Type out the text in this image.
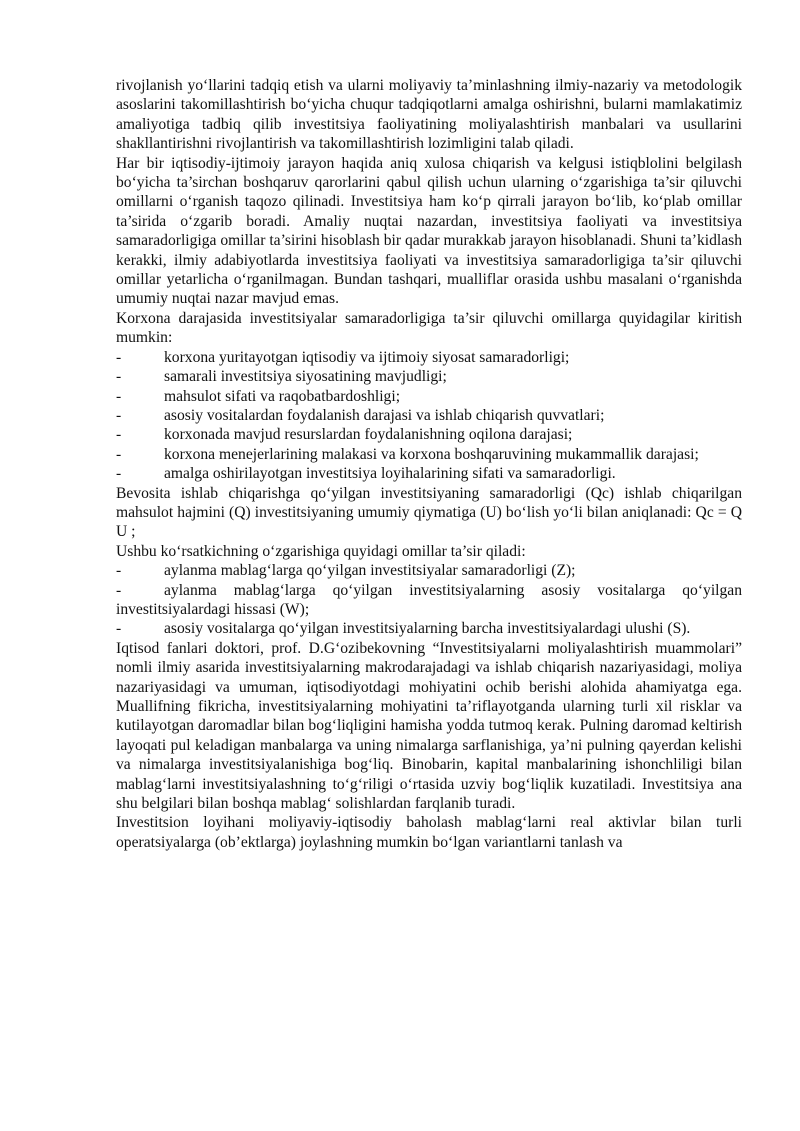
rivojlanish yo‘llarini tadqiq etish va ularni moliyaviy ta’minlashning ilmiy-nazariy va metodologik asoslarini takomillashtirish bo‘yicha chuqur tadqiqotlarni amalga oshirishni, bularni mamlakatimiz amaliyotiga tadbiq qilib investitsiya faoliyatining moliyalashtirish manbalari va usullarini shakllantirishni rivojlantirish va takomillashtirish lozimligini talab qiladi.

Har bir iqtisodiy-ijtimoiy jarayon haqida aniq xulosa chiqarish va kelgusi istiqblolini belgilash bo‘yicha ta’sirchan boshqaruv qarorlarini qabul qilish uchun ularning o‘zgarishiga ta’sir qiluvchi omillarni o‘rganish taqozo qilinadi. Investitsiya ham ko‘p qirrali jarayon bo‘lib, ko‘plab omillar ta’sirida o‘zgarib boradi. Amaliy nuqtai nazardan, investitsiya faoliyati va investitsiya samaradorligiga omillar ta’sirini hisoblash bir qadar murakkab jarayon hisoblanadi. Shuni ta’kidlash kerakki, ilmiy adabiyotlarda investitsiya faoliyati va investitsiya samaradorligiga ta’sir qiluvchi omillar yetarlicha o‘rganilmagan. Bundan tashqari, mualliflar orasida ushbu masalani o‘rganishda umumiy nuqtai nazar mavjud emas.

Korxona darajasida investitsiyalar samaradorligiga ta’sir qiluvchi omillarga quyidagilar kiritish mumkin:

-	korxona yuritayotgan iqtisodiy va ijtimoiy siyosat samaradorligi;

-	samarali investitsiya siyosatining mavjudligi;

-	mahsulot sifati va raqobatbardoshligi;

-	asosiy vositalardan foydalanish darajasi va ishlab chiqarish quvvatlari;

-	korxonada mavjud resurslardan foydalanishning oqilona darajasi;

-	korxona menejerlarining malakasi va korxona boshqaruvining mukammallik darajasi;

-	amalga oshirilayotgan investitsiya loyihalarining sifati va samaradorligi.

Bevosita ishlab chiqarishga qo‘yilgan investitsiyaning samaradorligi (Qc) ishlab chiqarilgan mahsulot hajmini (Q) investitsiyaning umumiy qiymatiga (U) bo‘lish yo‘li bilan aniqlanadi: Qc = Q U ;

Ushbu ko‘rsatkichning o‘zgarishiga quyidagi omillar ta’sir qiladi:

-	aylanma mablag‘larga qo‘yilgan investitsiyalar samaradorligi (Z);

-	aylanma mablag‘larga qo‘yilgan investitsiyalarning asosiy vositalarga qo‘yilgan investitsiyalardagi hissasi (W);

-	asosiy vositalarga qo‘yilgan investitsiyalarning barcha investitsiyalardagi ulushi (S).

Iqtisod fanlari doktori, prof. D.G‘ozibekovning “Investitsiyalarni moliyalashtirish muammolari” nomli ilmiy asarida investitsiyalarning makrodarajadagi va ishlab chiqarish nazariyasidagi, moliya nazariyasidagi va umuman, iqtisodiyotdagi mohiyatini ochib berishi alohida ahamiyatga ega. Muallifning fikricha, investitsiyalarning mohiyatini ta’riflayotganda ularning turli xil risklar va kutilayotgan daromadlar bilan bog‘liqligini hamisha yodda tutmoq kerak. Pulning daromad keltirish layoqati pul keladigan manbalarga va uning nimalarga sarflanishiga, ya’ni pulning qayerdan kelishi va nimalarga investitsiyalanishiga bog‘liq. Binobarin, kapital manbalarining ishonchliligi bilan mablag‘larni investitsiyalashning to‘g‘riligi o‘rtasida uzviy bog‘liqlik kuzatiladi. Investitsiya ana shu belgilari bilan boshqa mablag‘ solishlardan farqlanib turadi.

Investitsion loyihani moliyaviy-iqtisodiy baholash mablag‘larni real aktivlar bilan turli operatsiyalarga (ob’ektlarga) joylashning mumkin bo‘lgan variantlarni tanlash va
